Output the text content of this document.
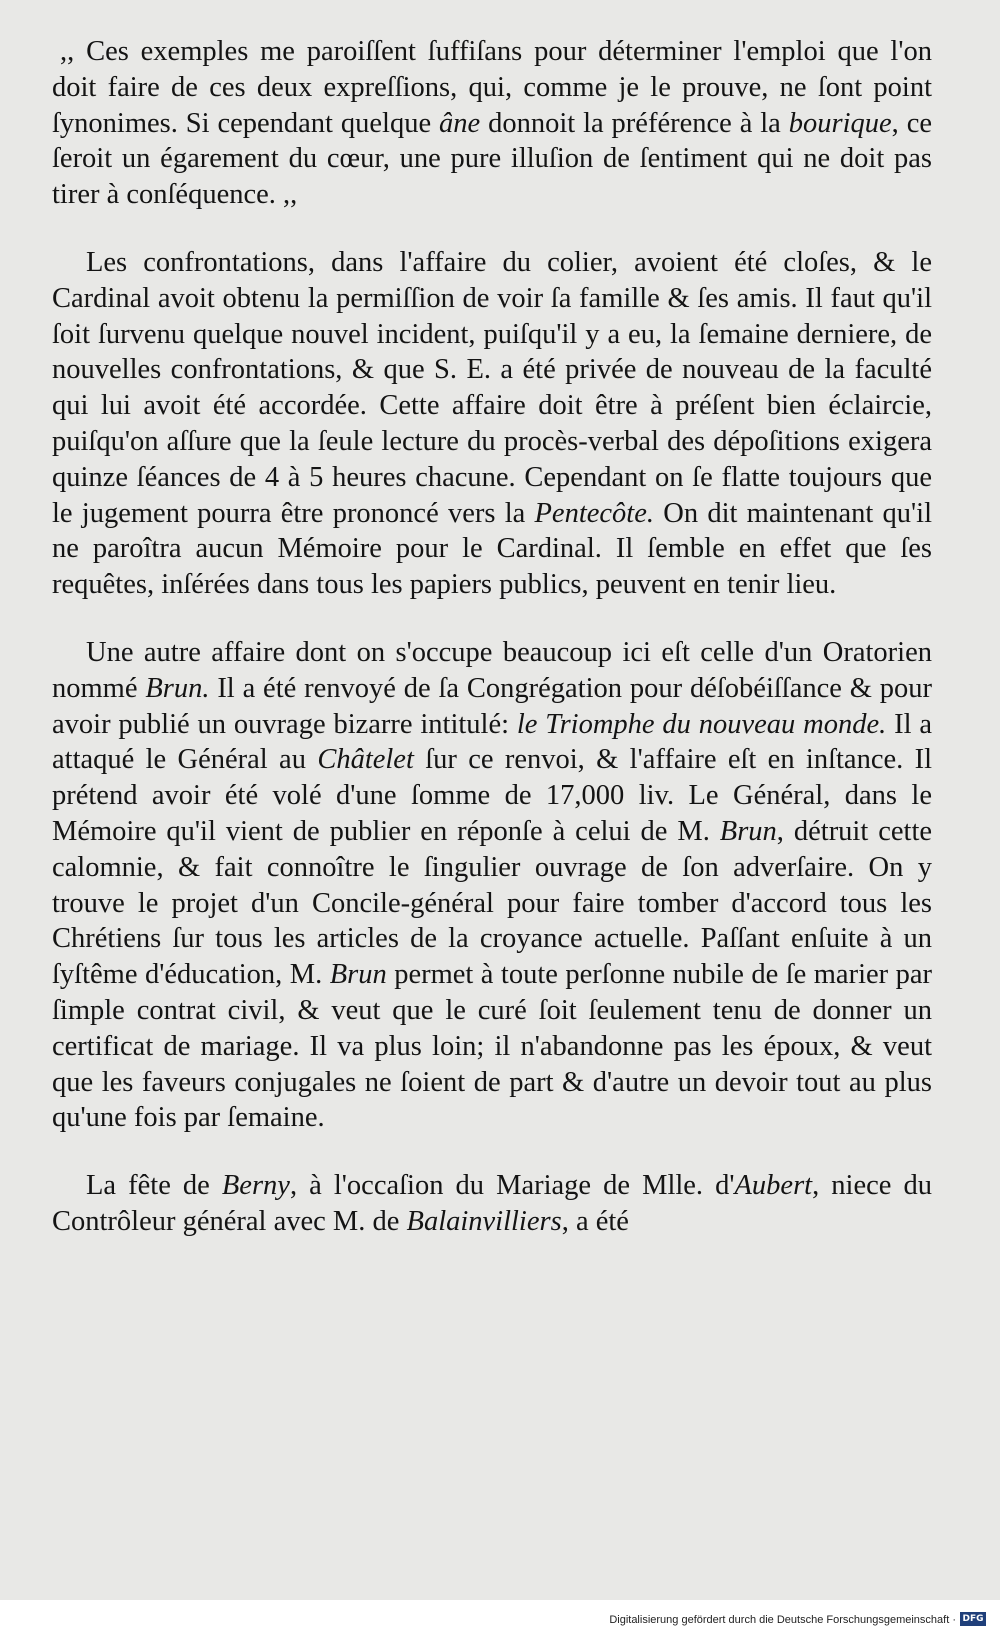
,, Ces exemples me paroiſſent ſuffiſans pour déterminer l'emploi que l'on doit faire de ces deux expreſſions, qui, comme je le prouve, ne ſont point ſynonimes. Si cependant quelque âne donnoit la préférence à la bourique, ce ſeroit un égarement du cœur, une pure illuſion de ſentiment qui ne doit pas tirer à conſéquence. ,,

Les confrontations, dans l'affaire du colier, avoient été cloſes, & le Cardinal avoit obtenu la permiſſion de voir ſa famille & ſes amis. Il faut qu'il ſoit ſurvenu quelque nouvel incident, puiſqu'il y a eu, la ſemaine derniere, de nouvelles confrontations, & que S. E. a été privée de nouveau de la faculté qui lui avoit été accordée. Cette affaire doit être à préſent bien éclaircie, puiſqu'on aſſure que la ſeule lecture du procès-verbal des dépoſitions exigera quinze ſéances de 4 à 5 heures chacune. Cependant on ſe flatte toujours que le jugement pourra être prononcé vers la Pentecôte. On dit maintenant qu'il ne paroîtra aucun Mémoire pour le Cardinal. Il ſemble en effet que ſes requêtes, inſérées dans tous les papiers publics, peuvent en tenir lieu.

Une autre affaire dont on s'occupe beaucoup ici eſt celle d'un Oratorien nommé Brun. Il a été renvoyé de ſa Congrégation pour déſobéiſſance & pour avoir publié un ouvrage bizarre intitulé: le Triomphe du nouveau monde. Il a attaqué le Général au Châtelet ſur ce renvoi, & l'affaire eſt en inſtance. Il prétend avoir été volé d'une ſomme de 17,000 liv. Le Général, dans le Mémoire qu'il vient de publier en réponſe à celui de M. Brun, détruit cette calomnie, & fait connoître le ſingulier ouvrage de ſon adverſaire. On y trouve le projet d'un Concile-général pour faire tomber d'accord tous les Chrétiens ſur tous les articles de la croyance actuelle. Paſſant enſuite à un ſyſtême d'éducation, M. Brun permet à toute perſonne nubile de ſe marier par ſimple contrat civil, & veut que le curé ſoit ſeulement tenu de donner un certificat de mariage. Il va plus loin; il n'abandonne pas les époux, & veut que les faveurs conjugales ne ſoient de part & d'autre un devoir tout au plus qu'une fois par ſemaine.

La fête de Berny, à l'occaſion du Mariage de Mlle. d'Aubert, niece du Contrôleur général avec M. de Balainvilliers, a été

Digitalisierung gefördert durch die Deutsche Forschungsgemeinschaft · DFG
